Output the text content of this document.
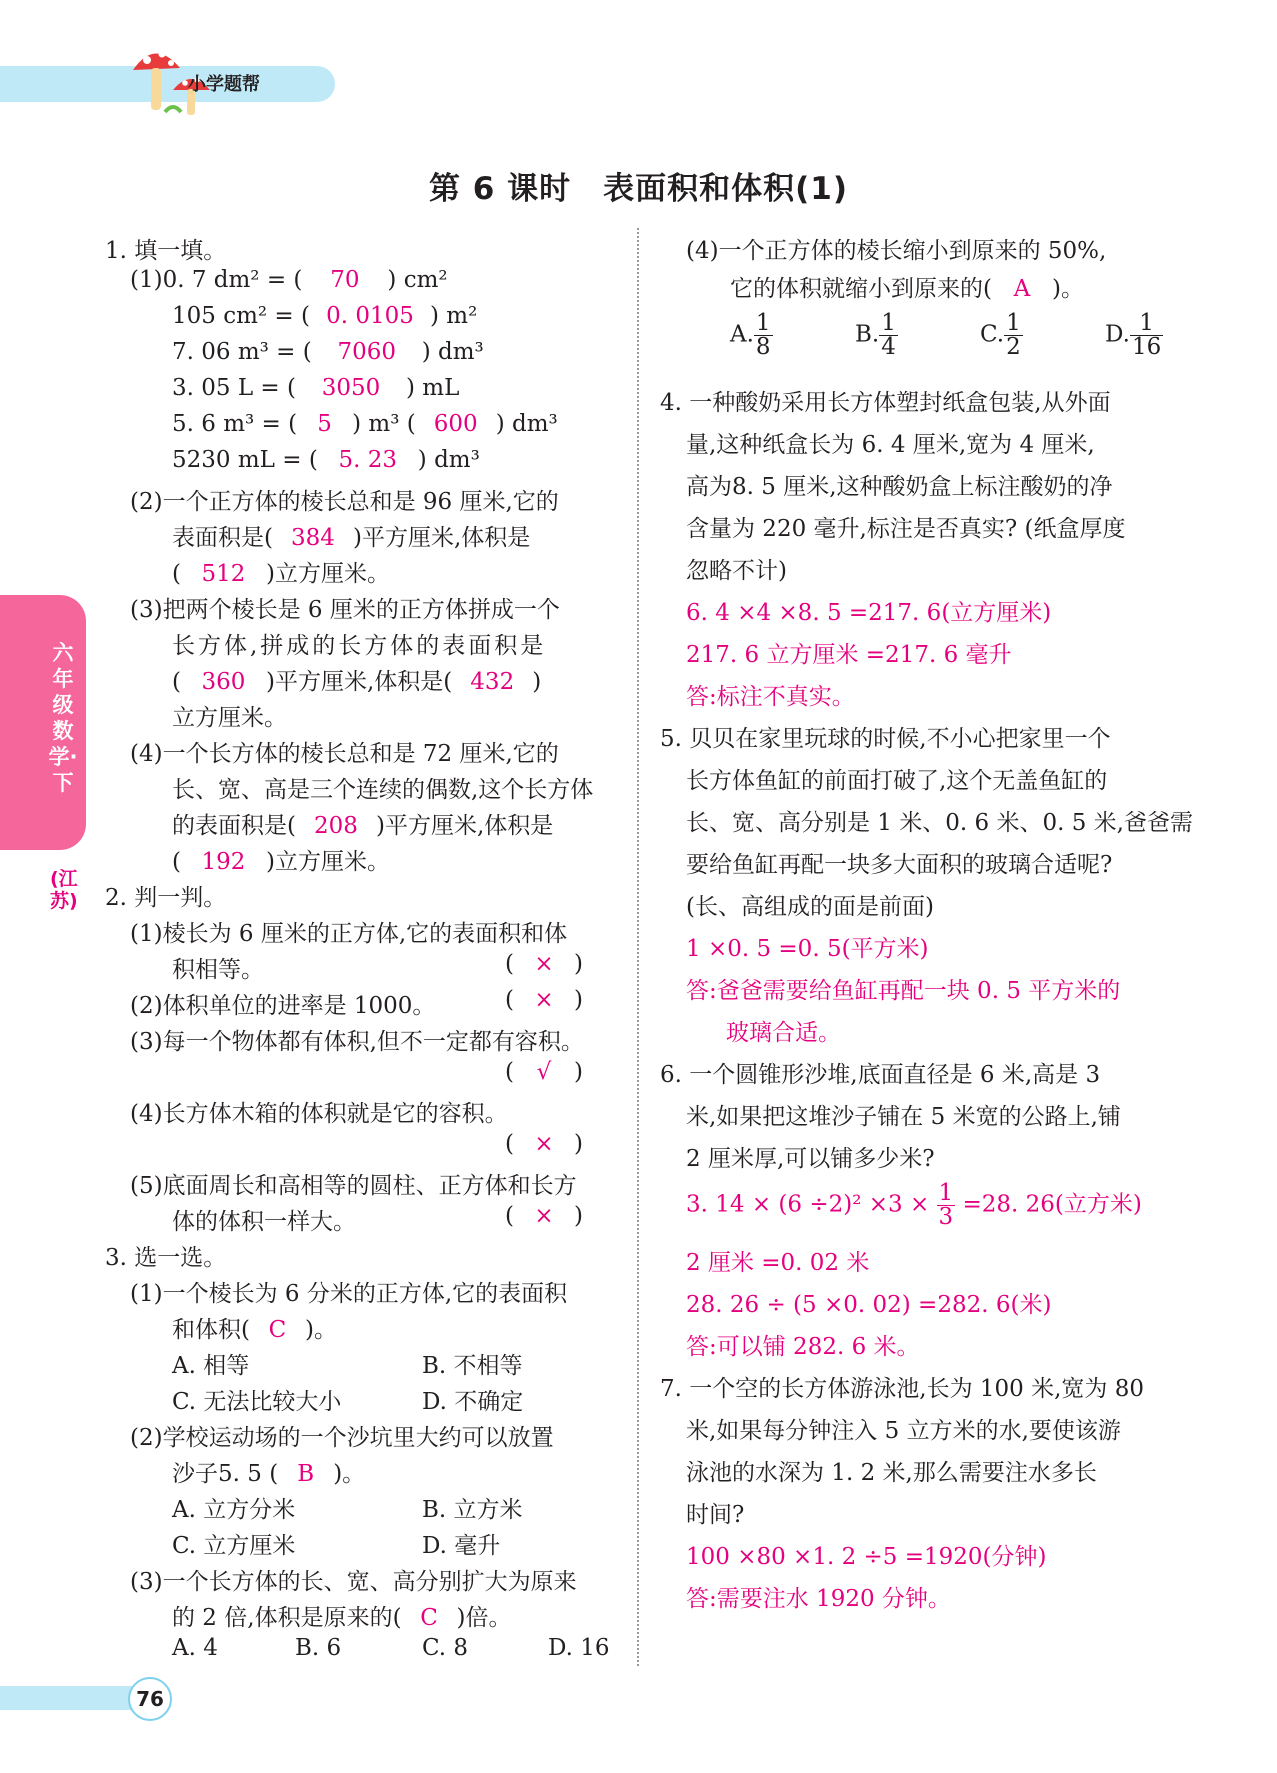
小学题帮
第 6 课时　表面积和体积(1)
六年级数学·下
(江苏)
1. 填一填。
(1)0. 7 dm² = ( 70 ) cm²
105 cm² = ( 0. 0105 ) m²
7. 06 m³ = ( 7060 ) dm³
3. 05 L = ( 3050 ) mL
5. 6 m³ = ( 5 ) m³ ( 600 ) dm³
5230 mL = ( 5. 23 ) dm³
(2)一个正方体的棱长总和是 96 厘米,它的
表面积是( 384 )平方厘米,体积是
( 512 )立方厘米。
(3)把两个棱长是 6 厘米的正方体拼成一个
长方体,拼成的长方体的表面积是
( 360 )平方厘米,体积是( 432 )
立方厘米。
(4)一个长方体的棱长总和是 72 厘米,它的
长、宽、高是三个连续的偶数,这个长方体
的表面积是( 208 )平方厘米,体积是
( 192 )立方厘米。
2. 判一判。
(1)棱长为 6 厘米的正方体,它的表面积和体
积相等。	( × )
(2)体积单位的进率是 1000。	( × )
(3)每一个物体都有体积,但不一定都有容积。
( √ )
(4)长方体木箱的体积就是它的容积。
( × )
(5)底面周长和高相等的圆柱、正方体和长方
体的体积一样大。	( × )
3. 选一选。
(1)一个棱长为 6 分米的正方体,它的表面积
和体积( C )。
A. 相等	B. 不相等
C. 无法比较大小	D. 不确定
(2)学校运动场的一个沙坑里大约可以放置
沙子5. 5 ( B )。
A. 立方分米	B. 立方米
C. 立方厘米	D. 毫升
(3)一个长方体的长、宽、高分别扩大为原来
的 2 倍,体积是原来的( C )倍。
A. 4	B. 6	C. 8	D. 16
(4)一个正方体的棱长缩小到原来的 50%,
它的体积就缩小到原来的( A )。
A. $\frac{1}{8}$	B. $\frac{1}{4}$	C. $\frac{1}{2}$	D. $\frac{1}{16}$
4. 一种酸奶采用长方体塑封纸盒包装,从外面
量,这种纸盒长为 6. 4 厘米,宽为 4 厘米,
高为8. 5 厘米,这种酸奶盒上标注酸奶的净
含量为 220 毫升,标注是否真实? (纸盒厚度
忽略不计)
6. 4 ×4 ×8. 5 =217. 6(立方厘米)
217. 6 立方厘米 =217. 6 毫升
答:标注不真实。
5. 贝贝在家里玩球的时候,不小心把家里一个
长方体鱼缸的前面打破了,这个无盖鱼缸的
长、宽、高分别是 1 米、0. 6 米、0. 5 米,爸爸需
要给鱼缸再配一块多大面积的玻璃合适呢?
(长、高组成的面是前面)
1 ×0. 5 =0. 5(平方米)
答:爸爸需要给鱼缸再配一块 0. 5 平方米的
玻璃合适。
6. 一个圆锥形沙堆,底面直径是 6 米,高是 3
米,如果把这堆沙子铺在 5 米宽的公路上,铺
2 厘米厚,可以铺多少米?
3. $14 \times (6 \div 2)^2 \times 3 \times \frac{1}{3} =28$. 26(立方米)
2 厘米 =0. 02 米
28. 26 ÷ (5 ×0. 02) =282. 6(米)
答:可以铺 282. 6 米。
7. 一个空的长方体游泳池,长为 100 米,宽为 80
米,如果每分钟注入 5 立方米的水,要使该游
泳池的水深为 1. 2 米,那么需要注水多长
时间?
100 ×80 ×1. 2 ÷5 =1920(分钟)
答:需要注水 1920 分钟。
76
